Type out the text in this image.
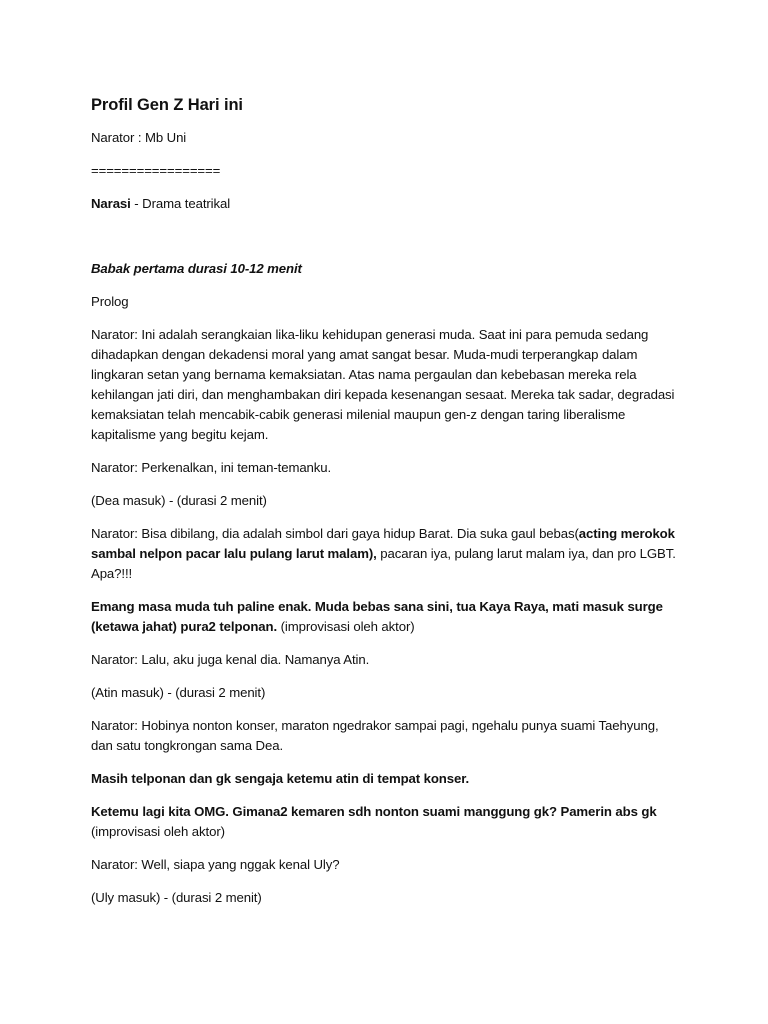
Profil Gen Z Hari ini

Narator : Mb Uni

=================

Narasi - Drama teatrikal

Babak pertama durasi 10-12 menit

Prolog

Narator: Ini adalah serangkaian lika-liku kehidupan generasi muda. Saat ini para pemuda sedang dihadapkan dengan dekadensi moral yang amat sangat besar. Muda-mudi terperangkap dalam lingkaran setan yang bernama kemaksiatan. Atas nama pergaulan dan kebebasan mereka rela kehilangan jati diri, dan menghambakan diri kepada kesenangan sesaat. Mereka tak sadar, degradasi kemaksiatan telah mencabik-cabik generasi milenial maupun gen-z dengan taring liberalisme kapitalisme yang begitu kejam.

Narator: Perkenalkan, ini teman-temanku.

(Dea masuk) - (durasi 2 menit)

Narator: Bisa dibilang, dia adalah simbol dari gaya hidup Barat. Dia suka gaul bebas(acting merokok sambal nelpon pacar lalu pulang larut malam), pacaran iya, pulang larut malam iya, dan pro LGBT. Apa?!!!

Emang masa muda tuh paline enak. Muda bebas sana sini, tua Kaya Raya, mati masuk surge (ketawa jahat) pura2 telponan. (improvisasi oleh aktor)

Narator: Lalu, aku juga kenal dia. Namanya Atin.

(Atin masuk) - (durasi 2 menit)

Narator: Hobinya nonton konser, maraton ngedrakor sampai pagi, ngehalu punya suami Taehyung, dan satu tongkrongan sama Dea.

Masih telponan dan gk sengaja ketemu atin di tempat konser.

Ketemu lagi kita OMG. Gimana2 kemaren sdh nonton suami manggung gk? Pamerin abs gk (improvisasi oleh aktor)

Narator: Well, siapa yang nggak kenal Uly?

(Uly masuk) - (durasi 2 menit)
